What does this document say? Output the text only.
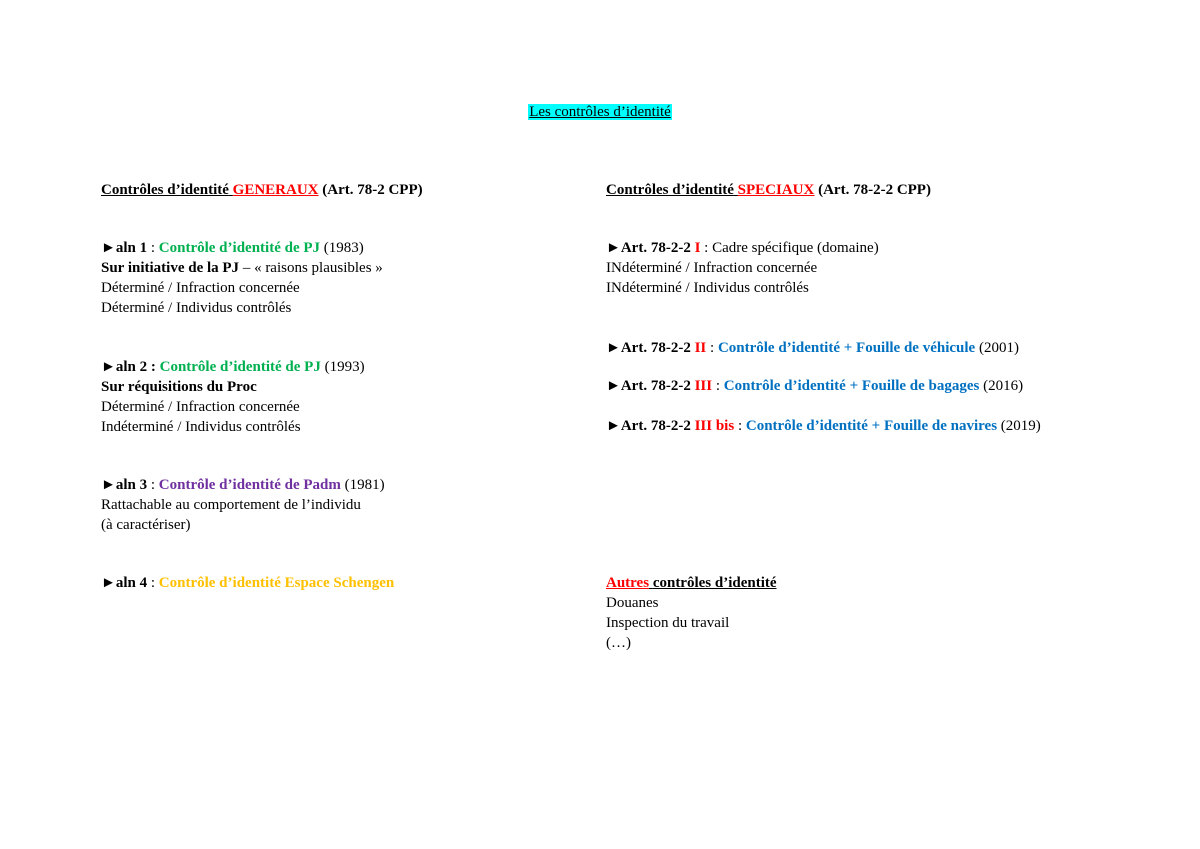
Les contrôles d’identité
Contrôles d’identité GENERAUX (Art. 78-2 CPP)
►aln 1 : Contrôle d’identité de PJ (1983)
Sur initiative de la PJ – « raisons plausibles »
Déterminé / Infraction concernée
Déterminé / Individus contrôlés
►aln 2 : Contrôle d’identité de PJ (1993)
Sur réquisitions du Proc
Déterminé / Infraction concernée
Indéterminé / Individus contrôlés
►aln 3 : Contrôle d’identité de Padm (1981)
Rattachable au comportement de l’individu
(à caractériser)
►aln 4 : Contrôle d’identité Espace Schengen
Contrôles d’identité SPECIAUX (Art. 78-2-2 CPP)
►Art. 78-2-2 I : Cadre spécifique (domaine)
INdéterminé / Infraction concernée
INdéterminé / Individus contrôlés
►Art. 78-2-2 II : Contrôle d’identité + Fouille de véhicule (2001)
►Art. 78-2-2 III : Contrôle d’identité + Fouille de bagages (2016)
►Art. 78-2-2 III bis : Contrôle d’identité + Fouille de navires (2019)
Autres contrôles d’identité
Douanes
Inspection du travail
(…)
